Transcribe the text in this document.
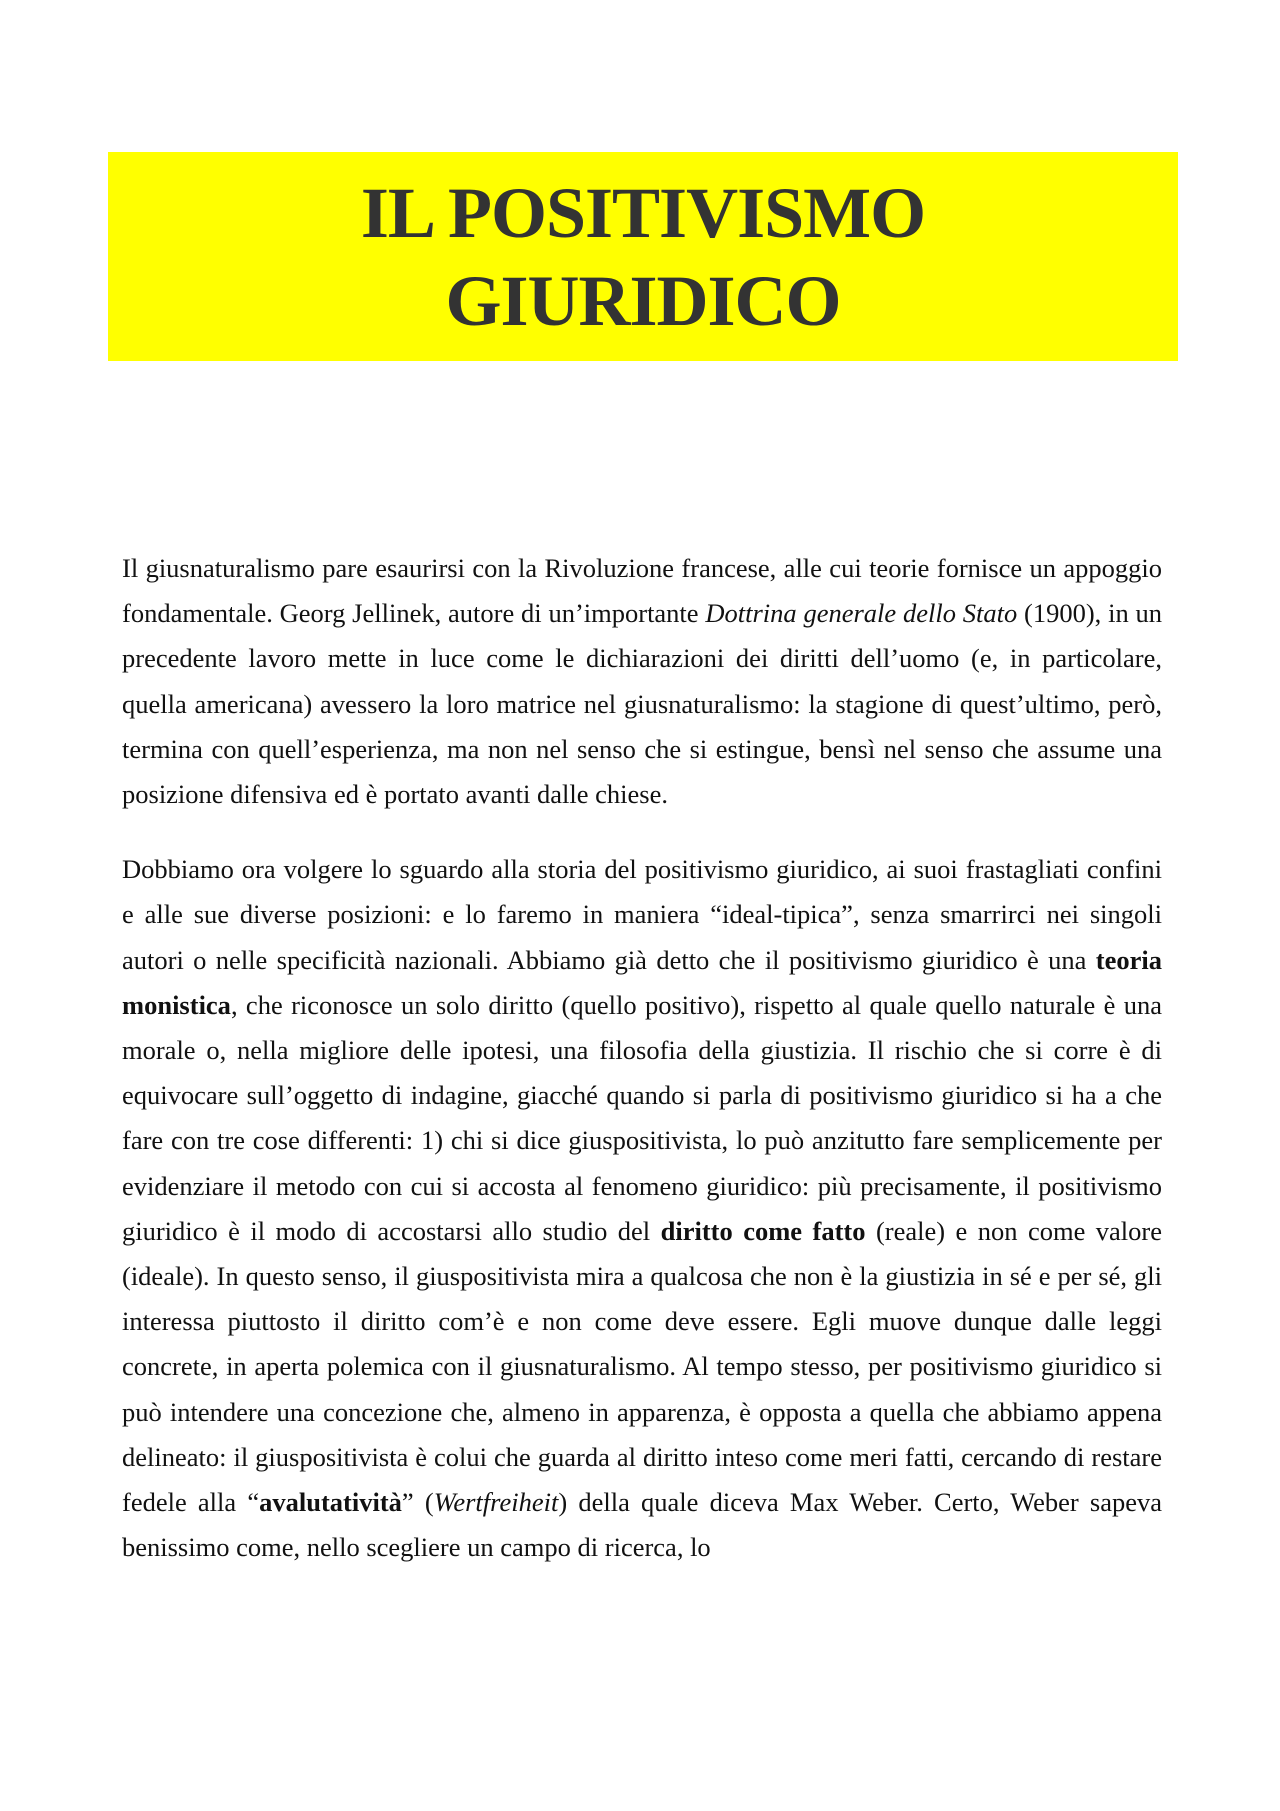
IL POSITIVISMO
GIURIDICO

Il giusnaturalismo pare esaurirsi con la Rivoluzione francese, alle cui teorie fornisce un appoggio fondamentale. Georg Jellinek, autore di un’importante Dottrina generale dello Stato (1900), in un precedente lavoro mette in luce come le dichiarazioni dei diritti dell’uomo (e, in particolare, quella americana) avessero la loro matrice nel giusnaturalismo: la stagione di quest’ultimo, però, termina con quell’esperienza, ma non nel senso che si estingue, bensì nel senso che assume una posizione difensiva ed è portato avanti dalle chiese.

Dobbiamo ora volgere lo sguardo alla storia del positivismo giuridico, ai suoi frastagliati confini e alle sue diverse posizioni: e lo faremo in maniera “ideal-tipica”, senza smarrirci nei singoli autori o nelle specificità nazionali. Abbiamo già detto che il positivismo giuridico è una teoria monistica, che riconosce un solo diritto (quello positivo), rispetto al quale quello naturale è una morale o, nella migliore delle ipotesi, una filosofia della giustizia. Il rischio che si corre è di equivocare sull’oggetto di indagine, giacché quando si parla di positivismo giuridico si ha a che fare con tre cose differenti: 1) chi si dice giuspositivista, lo può anzitutto fare semplicemente per evidenziare il metodo con cui si accosta al fenomeno giuridico: più precisamente, il positivismo giuridico è il modo di accostarsi allo studio del diritto come fatto (reale) e non come valore (ideale). In questo senso, il giuspositivista mira a qualcosa che non è la giustizia in sé e per sé, gli interessa piuttosto il diritto com’è e non come deve essere. Egli muove dunque dalle leggi concrete, in aperta polemica con il giusnaturalismo. Al tempo stesso, per positivismo giuridico si può intendere una concezione che, almeno in apparenza, è opposta a quella che abbiamo appena delineato: il giuspositivista è colui che guarda al diritto inteso come meri fatti, cercando di restare fedele alla “avalutatività” (Wertfreiheit) della quale diceva Max Weber. Certo, Weber sapeva benissimo come, nello scegliere un campo di ricerca, lo
